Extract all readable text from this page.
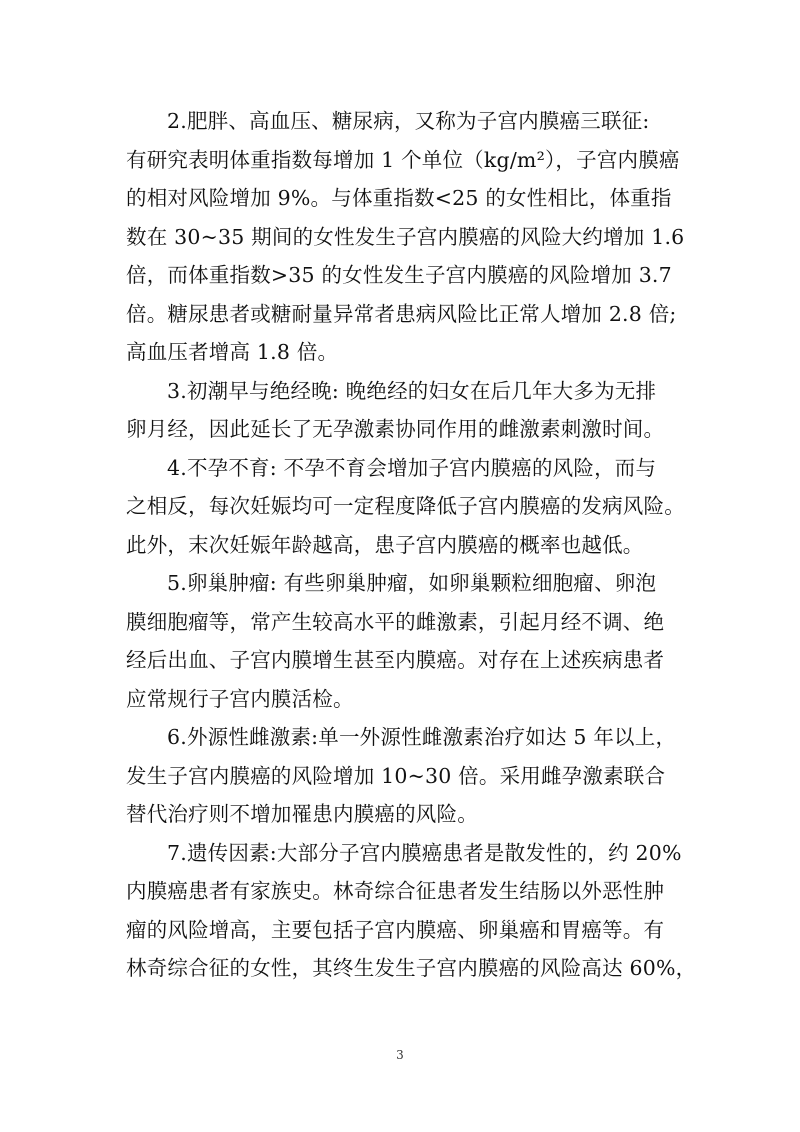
2.肥胖、高血压、糖尿病，又称为子宫内膜癌三联征:
有研究表明体重指数每增加 1 个单位（kg/m²），子宫内膜癌
的相对风险增加 9%。与体重指数<25 的女性相比，体重指
数在 30~35 期间的女性发生子宫内膜癌的风险大约增加 1.6
倍，而体重指数>35 的女性发生子宫内膜癌的风险增加 3.7
倍。糖尿患者或糖耐量异常者患病风险比正常人增加 2.8 倍;
高血压者增高 1.8 倍。

3.初潮早与绝经晚: 晚绝经的妇女在后几年大多为无排
卵月经，因此延长了无孕激素协同作用的雌激素刺激时间。

4.不孕不育: 不孕不育会增加子宫内膜癌的风险，而与
之相反，每次妊娠均可一定程度降低子宫内膜癌的发病风险。
此外，末次妊娠年龄越高，患子宫内膜癌的概率也越低。

5.卵巢肿瘤: 有些卵巢肿瘤，如卵巢颗粒细胞瘤、卵泡
膜细胞瘤等，常产生较高水平的雌激素，引起月经不调、绝
经后出血、子宫内膜增生甚至内膜癌。对存在上述疾病患者
应常规行子宫内膜活检。

6.外源性雌激素:单一外源性雌激素治疗如达 5 年以上，
发生子宫内膜癌的风险增加 10~30 倍。采用雌孕激素联合
替代治疗则不增加罹患内膜癌的风险。

7.遗传因素:大部分子宫内膜癌患者是散发性的，约 20%
内膜癌患者有家族史。林奇综合征患者发生结肠以外恶性肿
瘤的风险增高，主要包括子宫内膜癌、卵巢癌和胃癌等。有
林奇综合征的女性，其终生发生子宫内膜癌的风险高达 60%，

3
